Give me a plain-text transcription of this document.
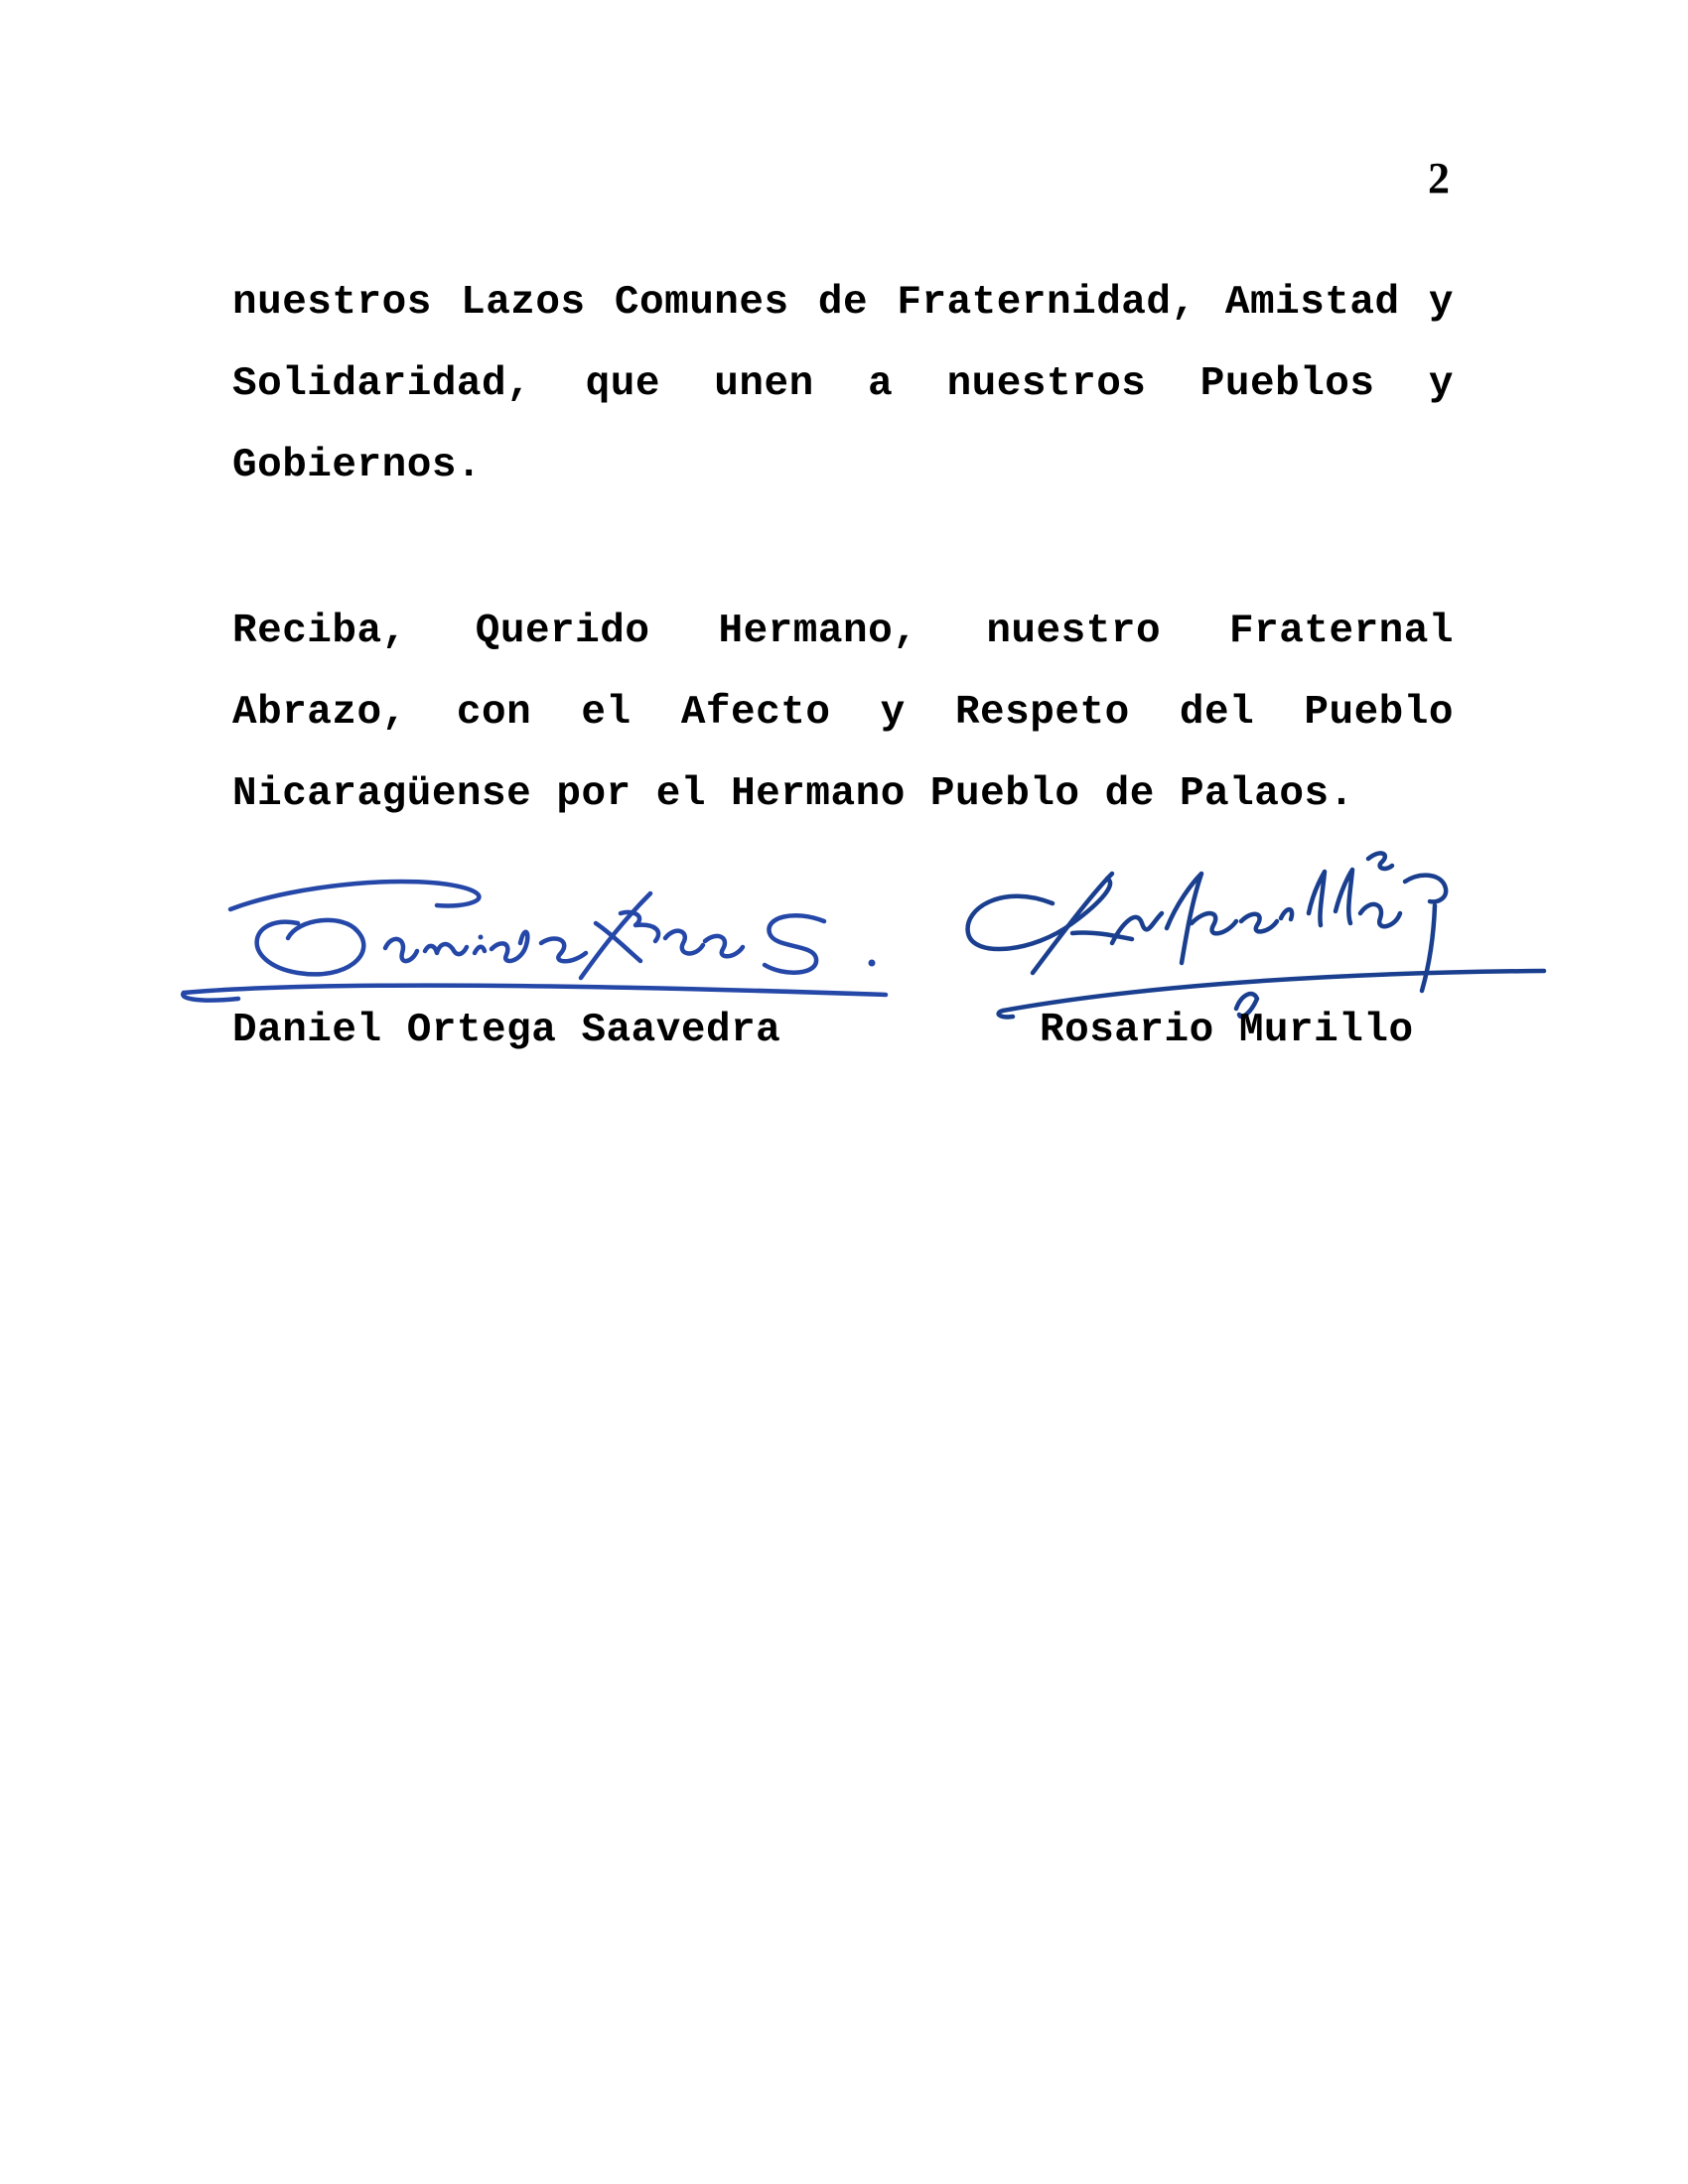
2
nuestros Lazos Comunes de Fraternidad, Amistad y
Solidaridad, que unen a nuestros Pueblos y
Gobiernos.
Reciba, Querido Hermano, nuestro Fraternal
Abrazo, con el Afecto y Respeto del Pueblo
Nicaragüense por el Hermano Pueblo de Palaos.
Daniel Ortega Saavedra	Rosario Murillo
